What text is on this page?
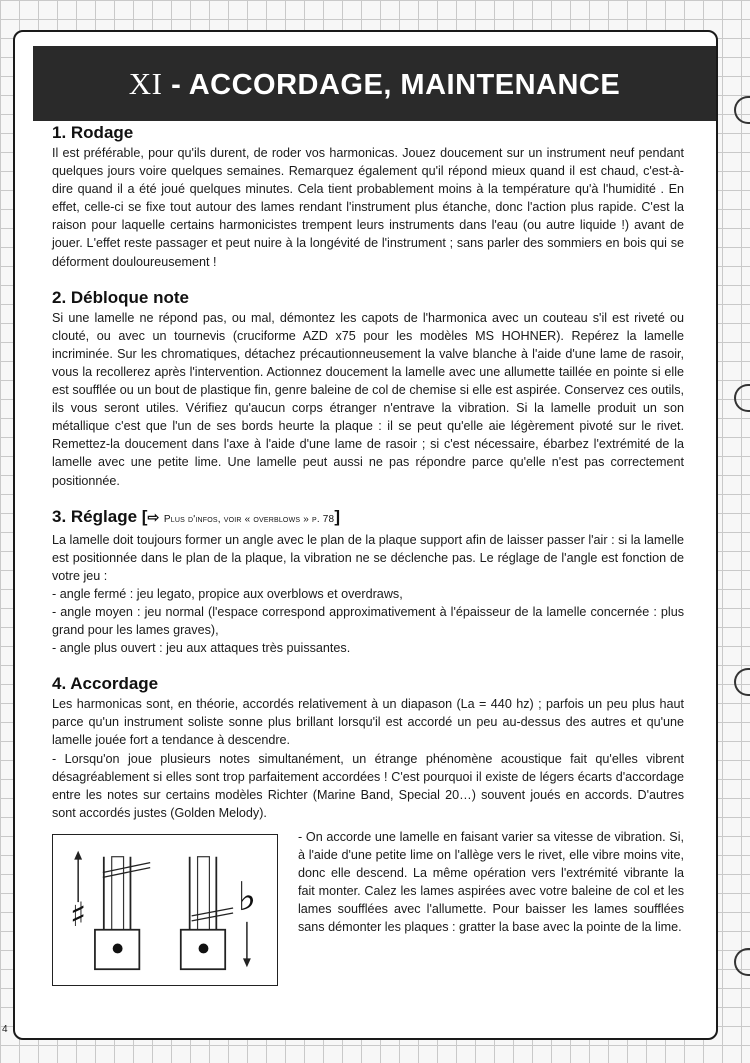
XI - ACCORDAGE, MAINTENANCE
1. Rodage

Il est préférable, pour qu'ils durent, de roder vos harmonicas. Jouez doucement sur un instrument neuf pendant quelques jours voire quelques semaines. Remarquez également qu'il répond mieux quand il est chaud, c'est-à-dire quand il a été joué quelques minutes. Cela tient probablement moins à la température qu'à l'humidité . En effet, celle-ci se fixe tout autour des lames rendant l'instrument plus étanche, donc l'action plus rapide. C'est la raison pour laquelle certains harmonicistes trempent leurs instruments dans l'eau (ou autre liquide !) avant de jouer. L'effet reste passager et peut nuire à la longévité de l'instrument ; sans parler des sommiers en bois qui se déforment douloureusement !

2. Débloque note

Si une lamelle ne répond pas, ou mal, démontez les capots de l'harmonica avec un couteau s'il est riveté ou clouté, ou avec un tournevis (cruciforme AZD x75 pour les modèles MS HOHNER). Repérez la lamelle incriminée. Sur les chromatiques, détachez précautionneusement la valve blanche à l'aide d'une lame de rasoir, vous la recollerez après l'intervention. Actionnez doucement la lamelle avec une allumette taillée en pointe si elle est soufflée ou un bout de plastique fin, genre baleine de col de chemise si elle est aspirée. Conservez ces outils, ils vous seront utiles. Vérifiez qu'aucun corps étranger n'entrave la vibration. Si la lamelle produit un son métallique c'est que l'un de ses bords heurte la plaque : il se peut qu'elle aie légèrement pivoté sur le rivet. Remettez-la doucement dans l'axe à l'aide d'une lame de rasoir ; si c'est nécessaire, ébarbez l'extrémité de la lamelle avec une petite lime. Une lamelle peut aussi ne pas répondre parce qu'elle n'est pas correctement positionnée.

3. Réglage [⇨ Plus d'infos, voir « overblows » p. 78]

La lamelle doit toujours former un angle avec le plan de la plaque support afin de laisser passer l'air : si la lamelle est positionnée dans le plan de la plaque, la vibration ne se déclenche pas. Le réglage de l'angle est fonction de votre jeu :

- angle fermé : jeu legato, propice aux overblows et overdraws,

- angle moyen : jeu normal (l'espace correspond approximativement à l'épaisseur de la lamelle concernée : plus grand pour les lames graves),

- angle plus ouvert : jeu aux attaques très puissantes.

4. Accordage

Les harmonicas sont, en théorie, accordés relativement à un diapason (La = 440 hz) ; parfois un peu plus haut parce qu'un instrument soliste sonne plus brillant lorsqu'il est accordé un peu au-dessus des autres et qu'une lamelle jouée fort a tendance à descendre.

- Lorsqu'on joue plusieurs notes simultanément, un étrange phénomène acoustique fait qu'elles vibrent désagréablement si elles sont trop parfaitement accordées ! C'est pourquoi il existe de légers écarts d'accordage entre les notes sur certains modèles Richter (Marine Band, Special 20…) souvent joués en accords. D'autres sont accordés justes (Golden Melody).

♯	♭

- On accorde une lamelle en faisant varier sa vitesse de vibration. Si, à l'aide d'une petite lime on l'allège vers le rivet, elle vibre moins vite, donc elle descend. La même opération vers l'extrémité vibrante la fait monter. Calez les lames aspirées avec votre baleine de col et les lames soufflées avec l'allumette. Pour baisser les lames soufflées sans démonter les plaques : gratter la base avec la pointe de la lime.

4
